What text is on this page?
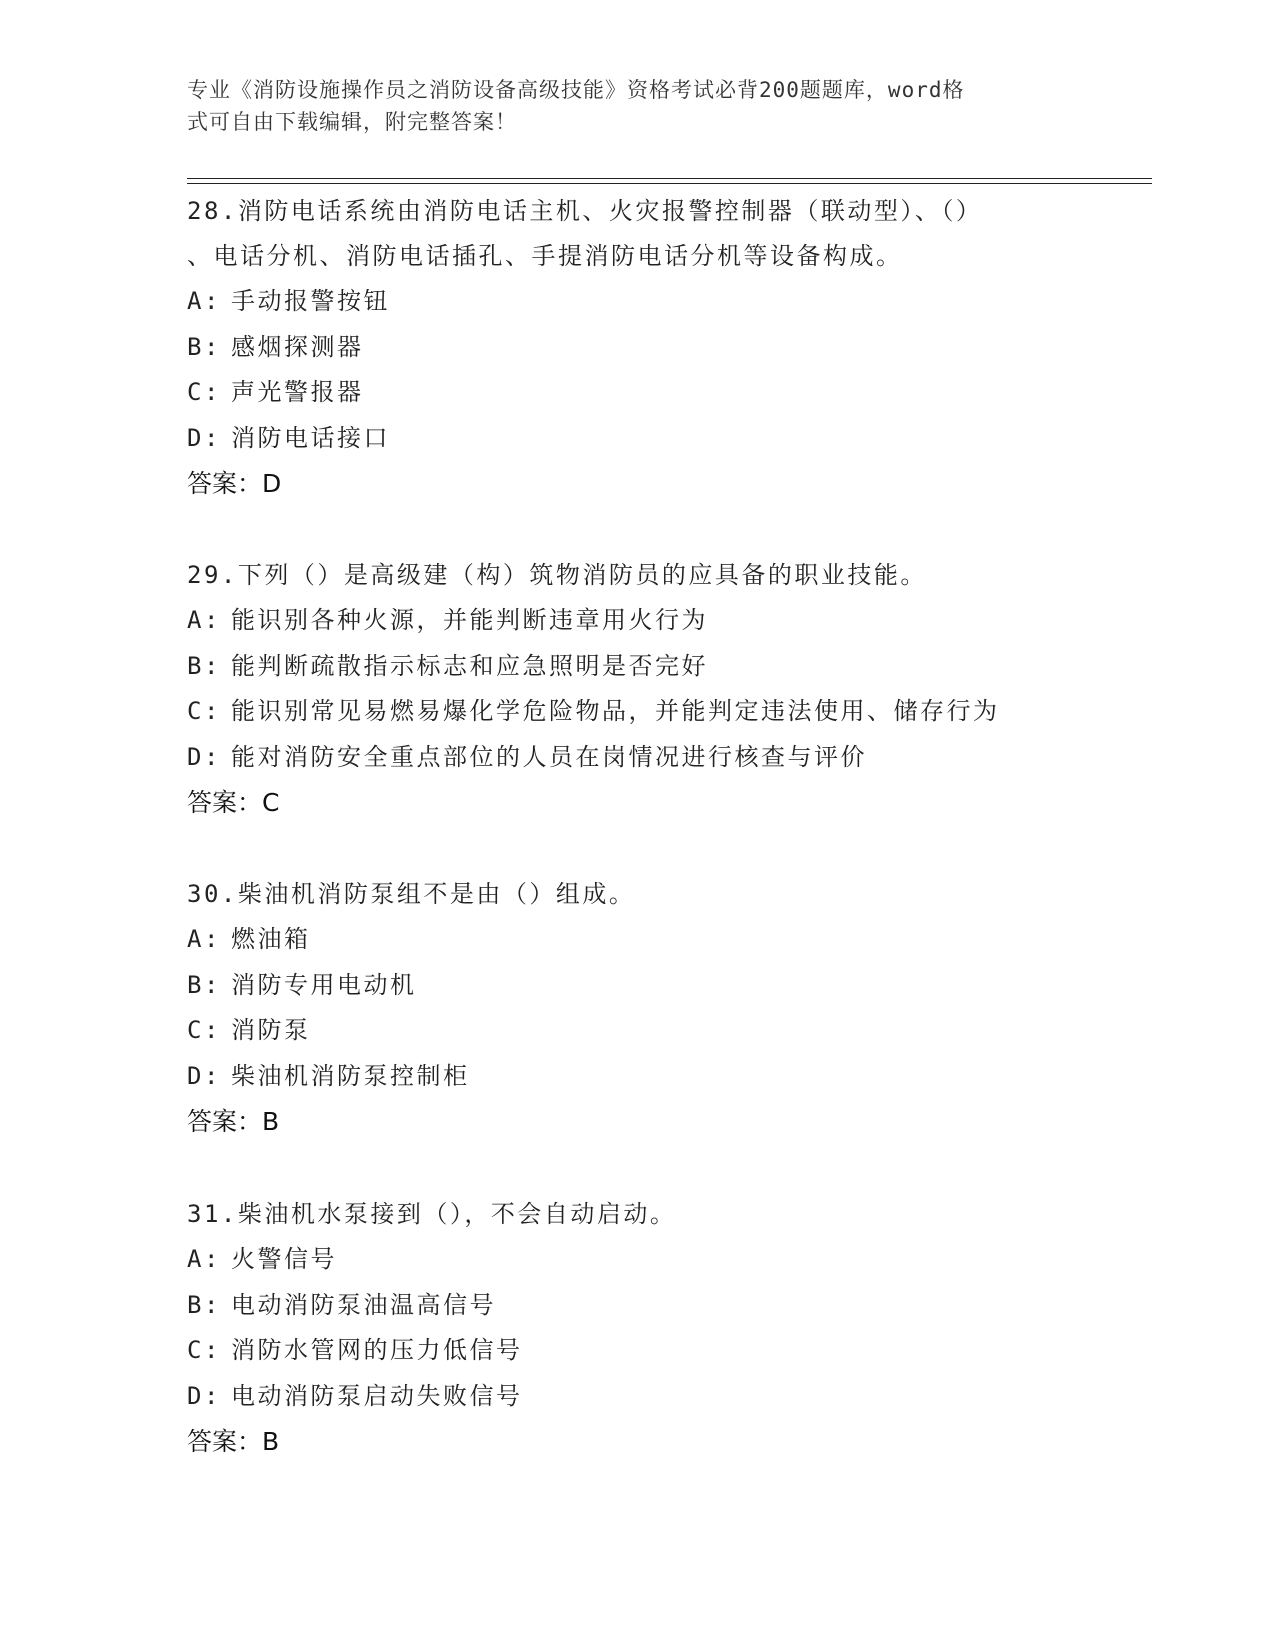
专业《消防设施操作员之消防设备高级技能》资格考试必背200题题库，word格
式可自由下载编辑，附完整答案！

28.消防电话系统由消防电话主机、火灾报警控制器（联动型）、（）

、电话分机、消防电话插孔、手提消防电话分机等设备构成。

A: 手动报警按钮

B: 感烟探测器

C: 声光警报器

D: 消防电话接口

答案：D

29.下列（）是高级建（构）筑物消防员的应具备的职业技能。

A: 能识别各种火源，并能判断违章用火行为

B: 能判断疏散指示标志和应急照明是否完好

C: 能识别常见易燃易爆化学危险物品，并能判定违法使用、储存行为

D: 能对消防安全重点部位的人员在岗情况进行核查与评价

答案：C

30.柴油机消防泵组不是由（）组成。

A: 燃油箱

B: 消防专用电动机

C: 消防泵

D: 柴油机消防泵控制柜

答案：B

31.柴油机水泵接到（），不会自动启动。

A: 火警信号

B: 电动消防泵油温高信号

C: 消防水管网的压力低信号

D: 电动消防泵启动失败信号

答案：B
